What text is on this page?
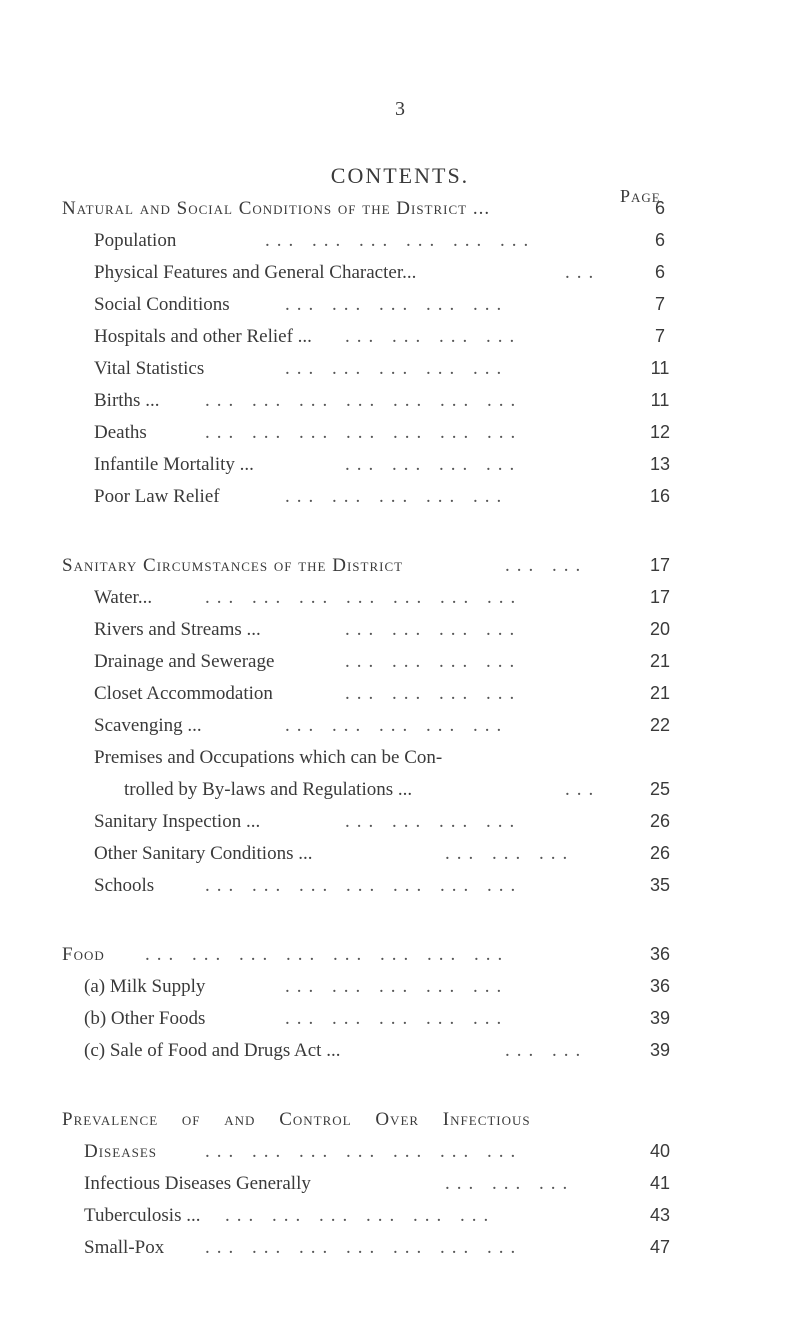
3
CONTENTS.
Page
Natural and Social Conditions of the District ...	6
Population	... ... ... ... ... ...	6
Physical Features and General Character...	...	6
Social Conditions	... ... ... ... ...	7
Hospitals and other Relief ... ... ... ... ...	7
Vital Statistics	... ... ... ... ...	11
Births ... ... ... ... ... ... ... ...	11
Deaths	... ... ... ... ... ... ...	12
Infantile Mortality ...	... ... ... ...	13
Poor Law Relief	... ... ... ... ...	16
Sanitary Circumstances of the District	... ...	17
Water...	... ... ... ... ... ... ...	17
Rivers and Streams ...	... ... ... ...	20
Drainage and Sewerage	... ... ... ...	21
Closet Accommodation	... ... ... ...	21
Scavenging ...	... ... ... ... ...	22
Premises and Occupations which can be Con-
trolled by By-laws and Regulations ...	...	25
Sanitary Inspection ...	... ... ... ...	26
Other Sanitary Conditions ...	... ... ...	26
Schools	... ... ... ... ... ... ...	35
Food ... ... ... ... ... ... ... ...	36
(a) Milk Supply	... ... ... ... ...	36
(b) Other Foods	... ... ... ... ...	39
(c) Sale of Food and Drugs Act ...	... ...	39
Prevalence of and Control Over Infectious
Diseases	... ... ... ... ... ... ...	40
Infectious Diseases Generally	... ... ...	41
Tuberculosis ... ... ... ... ... ... ...	43
Small-Pox ... ... ... ... ... ... ...	47
